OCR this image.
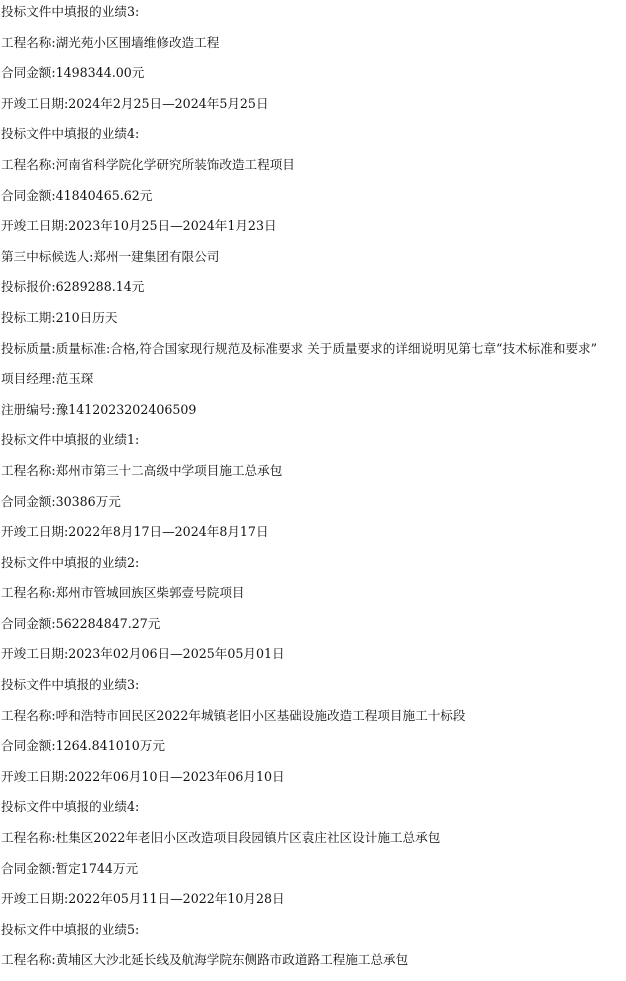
投标文件中填报的业绩3:
工程名称:湖光苑小区围墙维修改造工程
合同金额:1498344.00元
开竣工日期:2024年2月25日—2024年5月25日
投标文件中填报的业绩4:
工程名称:河南省科学院化学研究所装饰改造工程项目
合同金额:41840465.62元
开竣工日期:2023年10月25日—2024年1月23日
第三中标候选人:郑州一建集团有限公司
投标报价:6289288.14元
投标工期:210日历天
投标质量:质量标准:合格,符合国家现行规范及标准要求 关于质量要求的详细说明见第七章“技术标准和要求”
项目经理:范玉琛
注册编号:豫1412023202406509
投标文件中填报的业绩1:
工程名称:郑州市第三十二高级中学项目施工总承包
合同金额:30386万元
开竣工日期:2022年8月17日—2024年8月17日
投标文件中填报的业绩2:
工程名称:郑州市管城回族区柴郭壹号院项目
合同金额:562284847.27元
开竣工日期:2023年02月06日—2025年05月01日
投标文件中填报的业绩3:
工程名称:呼和浩特市回民区2022年城镇老旧小区基础设施改造工程项目施工十标段
合同金额:1264.841010万元
开竣工日期:2022年06月10日—2023年06月10日
投标文件中填报的业绩4:
工程名称:杜集区2022年老旧小区改造项目段园镇片区袁庄社区设计施工总承包
合同金额:暂定1744万元
开竣工日期:2022年05月11日—2022年10月28日
投标文件中填报的业绩5:
工程名称:黄埔区大沙北延长线及航海学院东侧路市政道路工程施工总承包
